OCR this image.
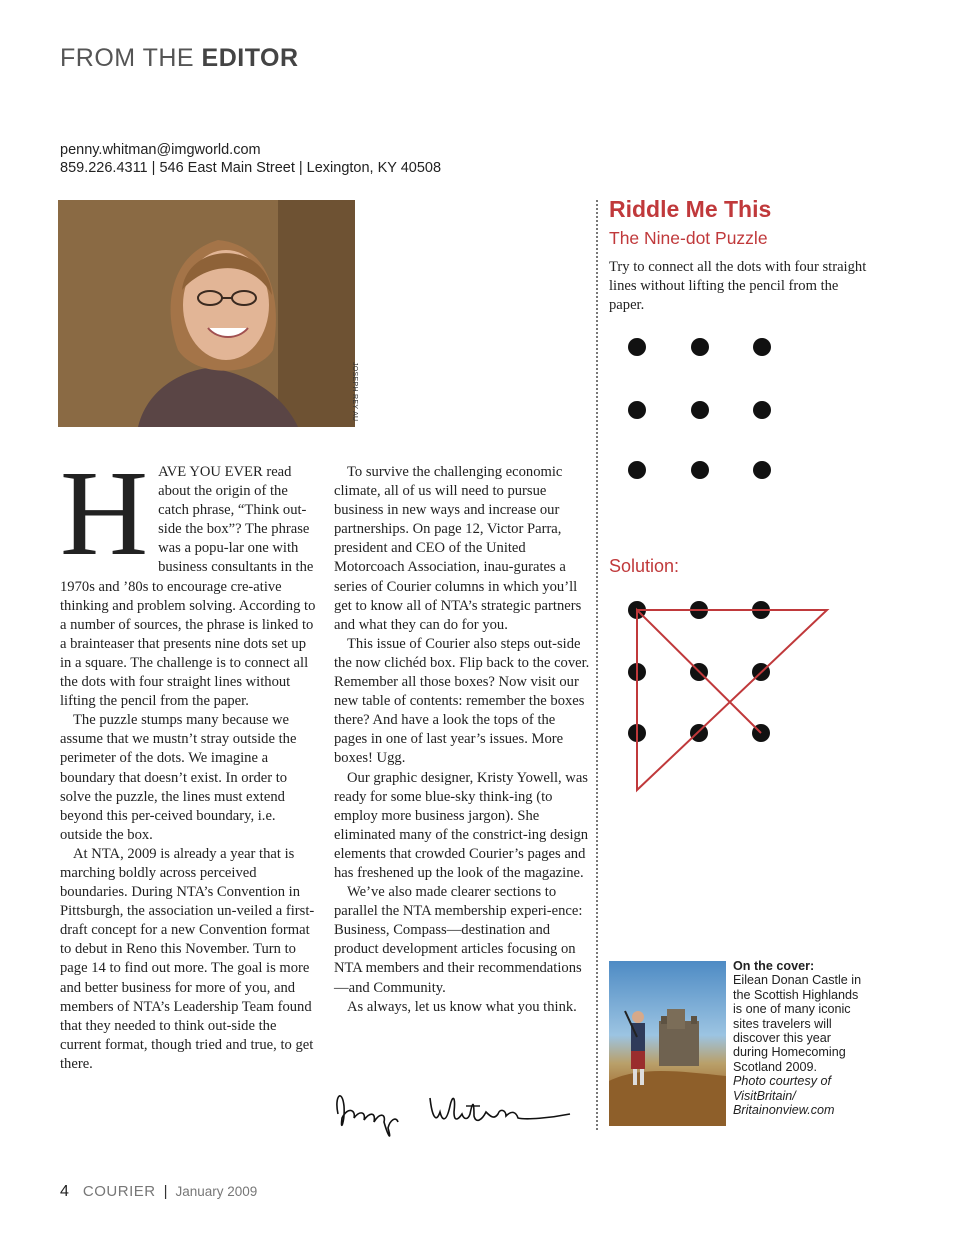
FROM THE EDITOR
penny.whitman@imgworld.com
859.226.4311 | 546 East Main Street | Lexington, KY 40508
JOSEPH REY AU
H AVE YOU EVER read about the origin of the catch phrase, “Think out-side the box”? The phrase was a popu-lar one with business consultants in the 1970s and ’80s to encourage cre-ative thinking and problem solving. According to a number of sources, the phrase is linked to a brainteaser that presents nine dots set up in a square. The challenge is to connect all the dots with four straight lines without lifting the pencil from the paper.

The puzzle stumps many because we assume that we mustn’t stray outside the perimeter of the dots. We imagine a boundary that doesn’t exist. In order to solve the puzzle, the lines must extend beyond this per-ceived boundary, i.e. outside the box.

At NTA, 2009 is already a year that is marching boldly across perceived boundaries. During NTA’s Convention in Pittsburgh, the association un-veiled a first-draft concept for a new Convention format to debut in Reno this November. Turn to page 14 to find out more. The goal is more and better business for more of you, and members of NTA’s Leadership Team found that they needed to think out-side the current format, though tried and true, to get there.

To survive the challenging economic climate, all of us will need to pursue business in new ways and increase our partnerships. On page 12, Victor Parra, president and CEO of the United Motorcoach Association, inau-gurates a series of Courier columns in which you’ll get to know all of NTA’s strategic partners and what they can do for you.

This issue of Courier also steps out-side the now clichéd box. Flip back to the cover. Remember all those boxes? Now visit our new table of contents: remember the boxes there? And have a look the tops of the pages in one of last year’s issues. More boxes! Ugg.

Our graphic designer, Kristy Yowell, was ready for some blue-sky think-ing (to employ more business jargon). She eliminated many of the constrict-ing design elements that crowded Courier’s pages and has freshened up the look of the magazine.

We’ve also made clearer sections to parallel the NTA membership experi-ence: Business, Compass—destination and product development articles focusing on NTA members and their recommendations—and Community.

As always, let us know what you think.

Riddle Me This
The Nine-dot Puzzle
Try to connect all the dots with four straight lines without lifting the pencil from the paper.
Solution:
On the cover:
Eilean Donan Castle in the Scottish Highlands is one of many iconic sites travelers will discover this year during Homecoming Scotland 2009.
Photo courtesy of VisitBritain/ Britainonview.com
4 COURIER | January 2009
